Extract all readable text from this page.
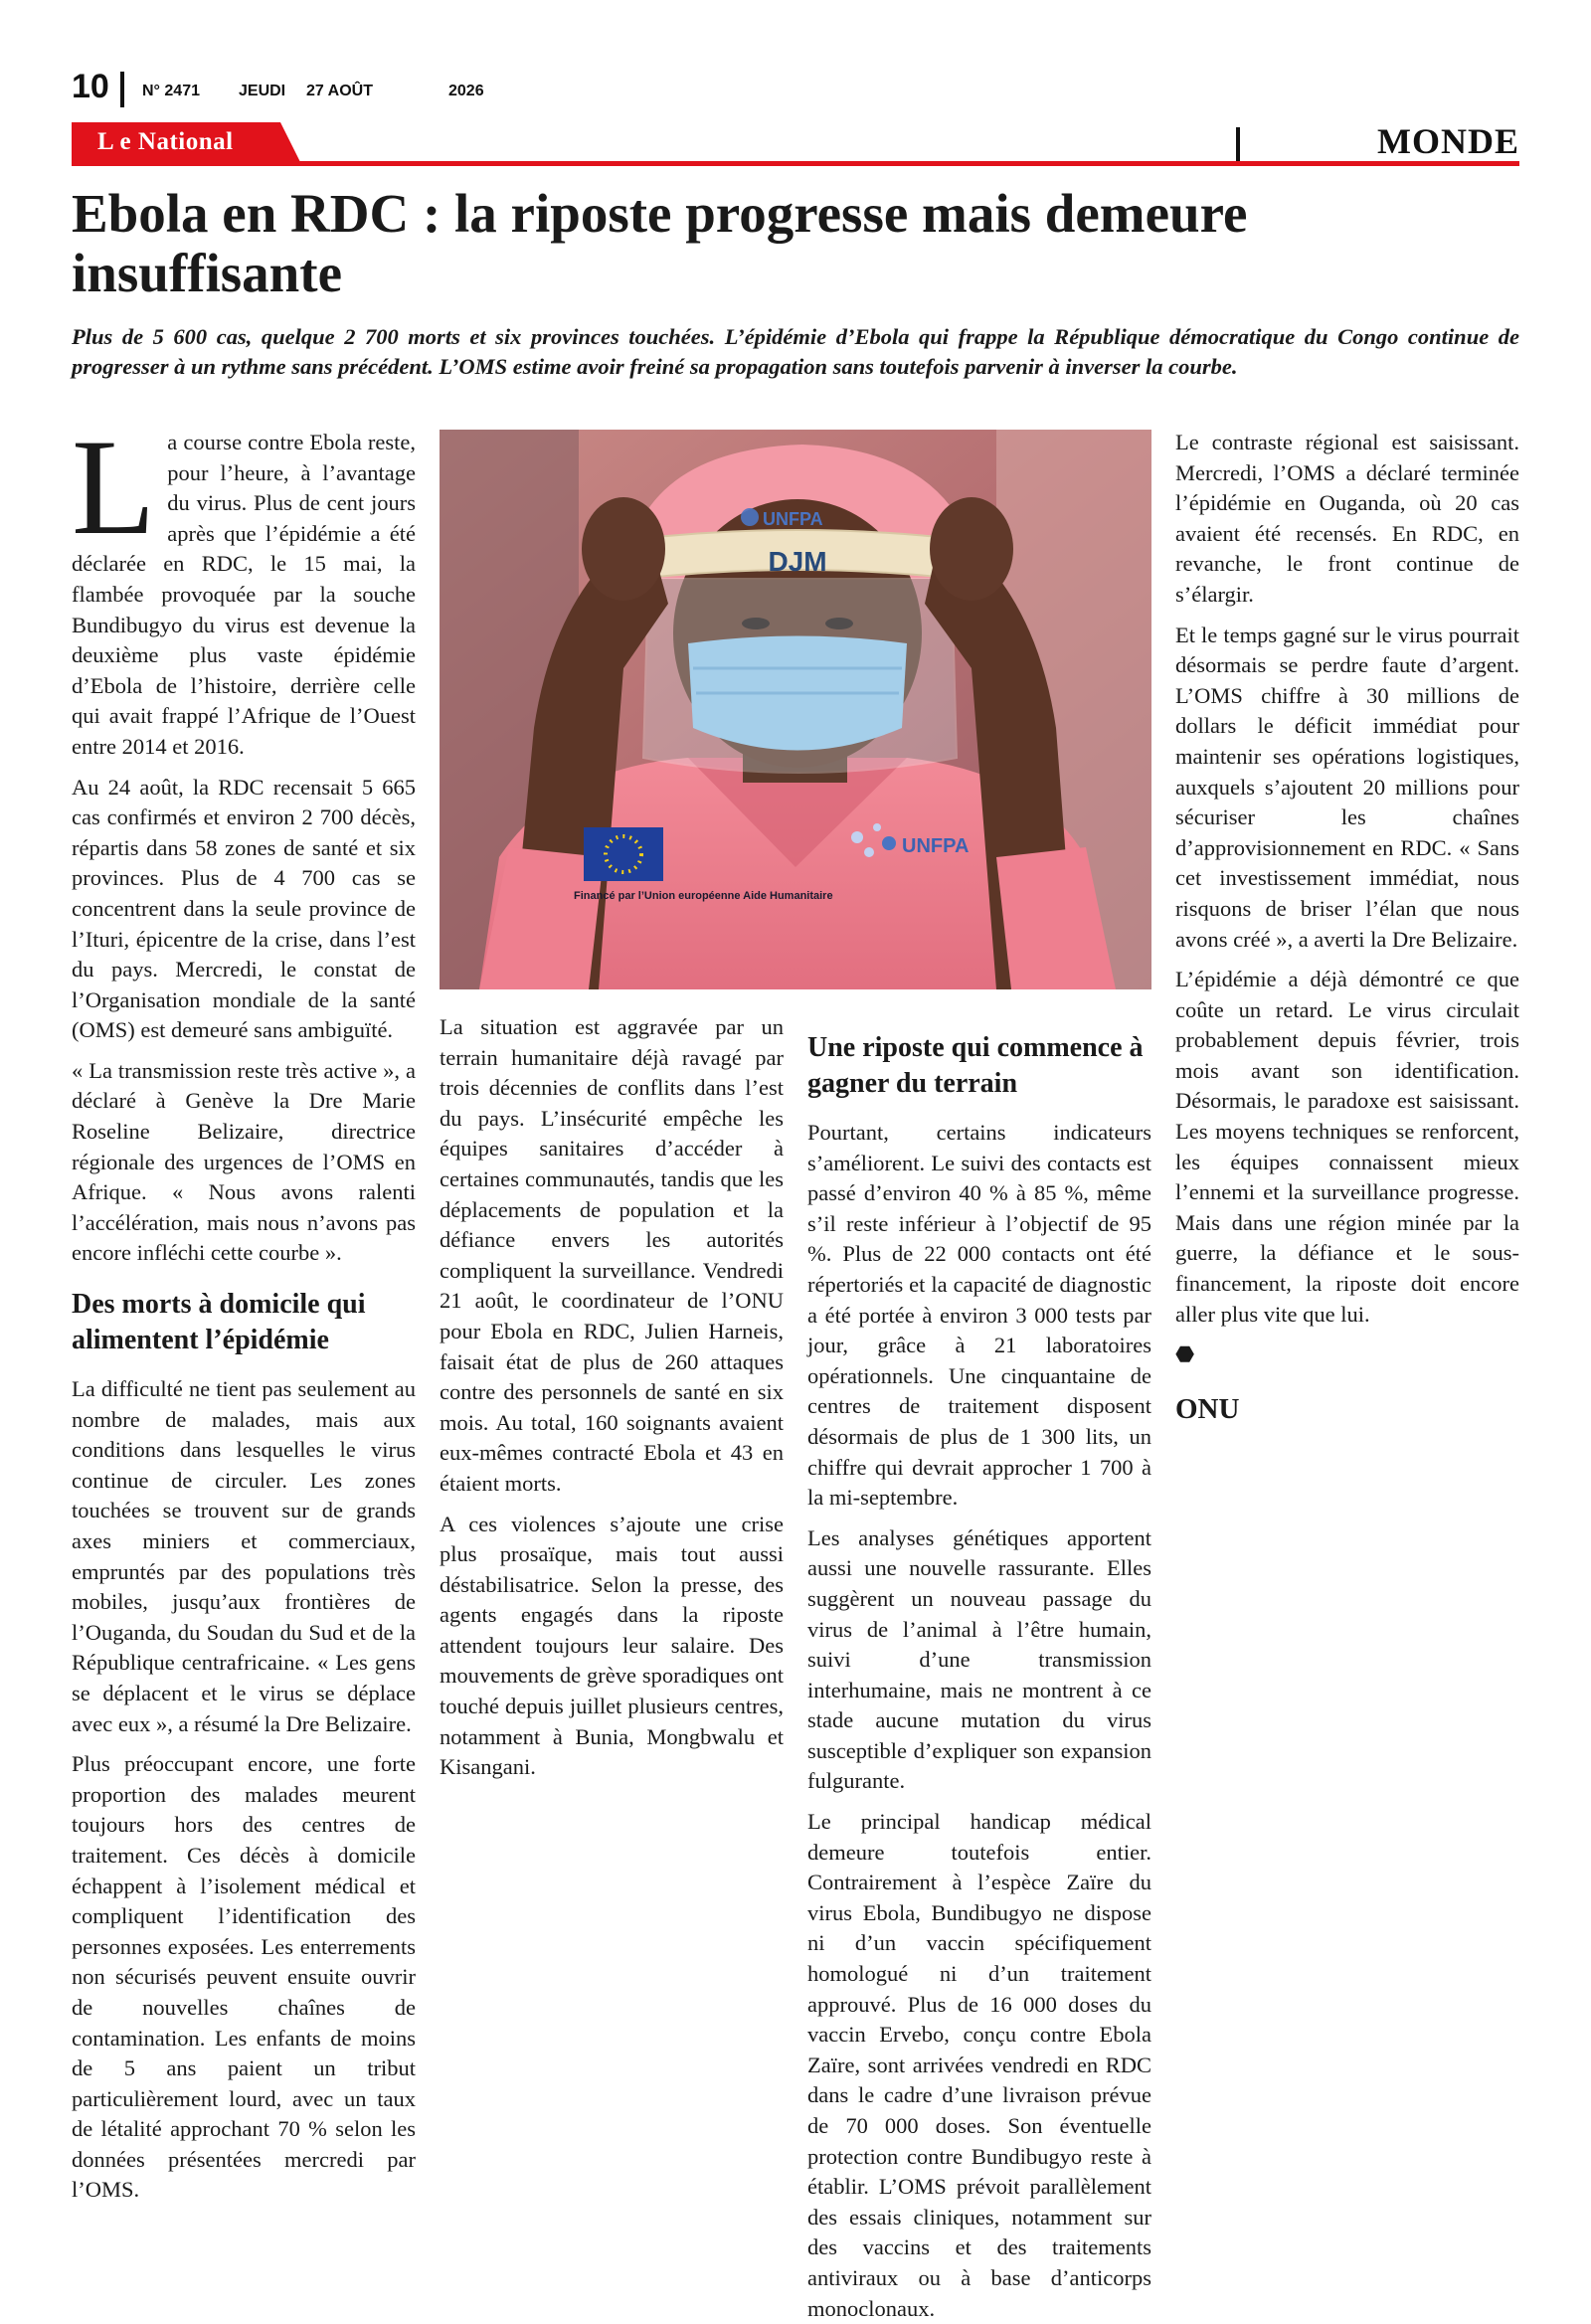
10 N° 2471 JEUDI 27 AOÛT	2026
L e National	MONDE
Ebola en RDC : la riposte progresse mais demeure insuffisante

Plus de 5 600 cas, quelque 2 700 morts et six provinces touchées. L’épidémie d’Ebola qui frappe la République démocratique du Congo continue de progresser à un rythme sans précédent. L’OMS estime avoir freiné sa propagation sans toutefois parvenir à inverser la courbe.

DJM
UNFPA
Financé par l’Union européenne Aide Humanitaire
UNFPA

La course contre Ebola reste, pour l’heure, à l’avantage du virus. Plus de cent jours après que l’épidémie a été déclarée en RDC, le 15 mai, la flambée provoquée par la souche Bundibugyo du virus est devenue la deuxième plus vaste épidémie d’Ebola de l’histoire, derrière celle qui avait frappé l’Afrique de l’Ouest entre 2014 et 2016.

Au 24 août, la RDC recensait 5 665 cas confirmés et environ 2 700 décès, répartis dans 58 zones de santé et six provinces. Plus de 4 700 cas se concentrent dans la seule province de l’Ituri, épicentre de la crise, dans l’est du pays. Mercredi, le constat de l’Organisation mondiale de la santé (OMS) est demeuré sans ambiguïté.

« La transmission reste très active », a déclaré à Genève la Dre Marie Roseline Belizaire, directrice régionale des urgences de l’OMS en Afrique. « Nous avons ralenti l’accélération, mais nous n’avons pas encore infléchi cette courbe ».

Des morts à domicile qui alimentent l’épidémie

La difficulté ne tient pas seulement au nombre de malades, mais aux conditions dans lesquelles le virus continue de circuler. Les zones touchées se trouvent sur de grands axes miniers et commerciaux, empruntés par des populations très mobiles, jusqu’aux frontières de l’Ouganda, du Soudan du Sud et de la République centrafricaine. « Les gens se déplacent et le virus se déplace avec eux », a résumé la Dre Belizaire.

Plus préoccupant encore, une forte proportion des malades meurent toujours hors des centres de traitement. Ces décès à domicile échappent à l’isolement médical et compliquent l’identification des personnes exposées. Les enterrements non sécurisés peuvent ensuite ouvrir de nouvelles chaînes de contamination. Les enfants de moins de 5 ans paient un tribut particulièrement lourd, avec un taux de létalité approchant 70 % selon les données présentées mercredi par l’OMS.

La situation est aggravée par un terrain humanitaire déjà ravagé par trois décennies de conflits dans l’est du pays. L’insécurité empêche les équipes sanitaires d’accéder à certaines communautés, tandis que les déplacements de population et la défiance envers les autorités compliquent la surveillance. Vendredi 21 août, le coordinateur de l’ONU pour Ebola en RDC, Julien Harneis, faisait état de plus de 260 attaques contre des personnels de santé en six mois. Au total, 160 soignants avaient eux-mêmes contracté Ebola et 43 en étaient morts.

A ces violences s’ajoute une crise plus prosaïque, mais tout aussi déstabilisatrice. Selon la presse, des agents engagés dans la riposte attendent toujours leur salaire. Des mouvements de grève sporadiques ont touché depuis juillet plusieurs centres, notamment à Bunia, Mongbwalu et Kisangani.

Une riposte qui commence à gagner du terrain

Pourtant, certains indicateurs s’améliorent. Le suivi des contacts est passé d’environ 40 % à 85 %, même s’il reste inférieur à l’objectif de 95 %. Plus de 22 000 contacts ont été répertoriés et la capacité de diagnostic a été portée à environ 3 000 tests par jour, grâce à 21 laboratoires opérationnels. Une cinquantaine de centres de traitement disposent désormais de plus de 1 300 lits, un chiffre qui devrait approcher 1 700 à la mi-septembre.

Les analyses génétiques apportent aussi une nouvelle rassurante. Elles suggèrent un nouveau passage du virus de l’animal à l’être humain, suivi d’une transmission interhumaine, mais ne montrent à ce stade aucune mutation du virus susceptible d’expliquer son expansion fulgurante.

Le principal handicap médical demeure toutefois entier. Contrairement à l’espèce Zaïre du virus Ebola, Bundibugyo ne dispose ni d’un vaccin spécifiquement homologué ni d’un traitement approuvé. Plus de 16 000 doses du vaccin Ervebo, conçu contre Ebola Zaïre, sont arrivées vendredi en RDC dans le cadre d’une livraison prévue de 70 000 doses. Son éventuelle protection contre Bundibugyo reste à établir. L’OMS prévoit parallèlement des essais cliniques, notamment sur des vaccins et des traitements antiviraux ou à base d’anticorps monoclonaux.

Le contraste régional est saisissant. Mercredi, l’OMS a déclaré terminée l’épidémie en Ouganda, où 20 cas avaient été recensés. En RDC, en revanche, le front continue de s’élargir.

Et le temps gagné sur le virus pourrait désormais se perdre faute d’argent. L’OMS chiffre à 30 millions de dollars le déficit immédiat pour maintenir ses opérations logistiques, auxquels s’ajoutent 20 millions pour sécuriser les chaînes d’approvisionnement en RDC. « Sans cet investissement immédiat, nous risquons de briser l’élan que nous avons créé », a averti la Dre Belizaire.

L’épidémie a déjà démontré ce que coûte un retard. Le virus circulait probablement depuis février, trois mois avant son identification. Désormais, le paradoxe est saisissant. Les moyens techniques se renforcent, les équipes connaissent mieux l’ennemi et la surveillance progresse. Mais dans une région minée par la guerre, la défiance et le sous-financement, la riposte doit encore aller plus vite que lui.

⬣
ONU
